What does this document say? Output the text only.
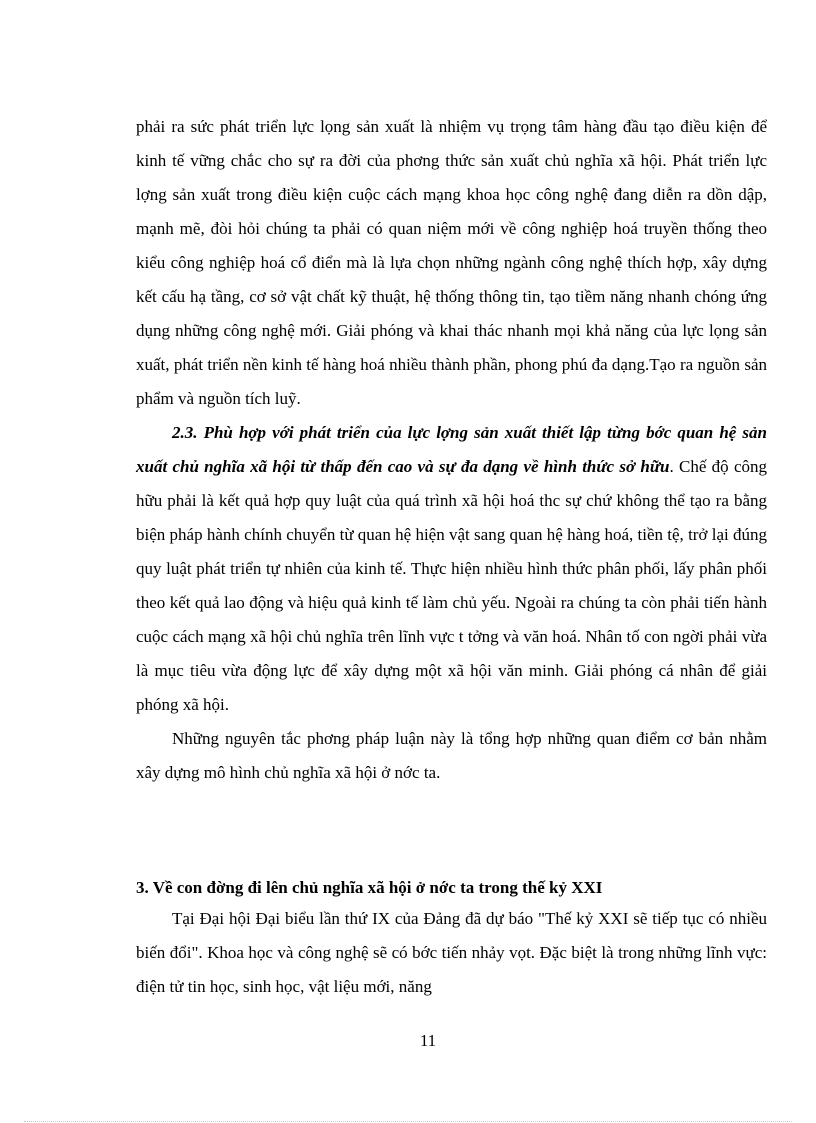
phải ra sức phát triển lực lọng sản xuất là nhiệm vụ trọng tâm hàng đầu tạo điều kiện để kinh tế vững chắc cho sự ra đời của phơng thức sản xuất chủ nghĩa xã hội. Phát triển lực lợng sản xuất trong điều kiện cuộc cách mạng khoa học công nghệ đang diễn ra dồn dập, mạnh mẽ, đòi hỏi chúng ta phải có quan niệm mới về công nghiệp hoá truyền thống theo kiểu công nghiệp hoá cổ điển mà là lựa chọn những ngành công nghệ thích hợp, xây dựng kết cấu hạ tầng, cơ sở vật chất kỹ thuật, hệ thống thông tin, tạo tiềm năng nhanh chóng ứng dụng những công nghệ mới. Giải phóng và khai thác nhanh mọi khả năng của lực lọng sản xuất, phát triển nền kinh tế hàng hoá nhiều thành phần, phong phú đa dạng.Tạo ra nguồn sản phẩm và nguồn tích luỹ.

2.3. Phù hợp với phát triển của lực lợng sản xuất thiết lập từng bớc quan hệ sản xuất chủ nghĩa xã hội từ thấp đến cao và sự đa dạng về hình thức sở hữu. Chế độ công hữu phải là kết quả hợp quy luật của quá trình xã hội hoá thc sự chứ không thể tạo ra bằng biện pháp hành chính chuyển từ quan hệ hiện vật sang quan hệ hàng hoá, tiền tệ, trở lại đúng quy luật phát triển tự nhiên của kinh tế. Thực hiện nhiều hình thức phân phối, lấy phân phối theo kết quả lao động và hiệu quả kinh tế làm chủ yếu. Ngoài ra chúng ta còn phải tiến hành cuộc cách mạng xã hội chủ nghĩa trên lĩnh vực t tởng và văn hoá. Nhân tố con ngời phải vừa là mục tiêu vừa động lực để xây dựng một xã hội văn minh. Giải phóng cá nhân để giải phóng xã hội.

Những nguyên tắc phơng pháp luận này là tổng hợp những quan điểm cơ bản nhằm xây dựng mô hình chủ nghĩa xã hội ở nớc ta.

3. Về con đờng đi lên chủ nghĩa xã hội ở nớc ta trong thế kỷ XXI

Tại Đại hội Đại biểu lần thứ IX của Đảng đã dự báo "Thế kỷ XXI sẽ tiếp tục có nhiều biến đổi". Khoa học và công nghệ sẽ có bớc tiến nhảy vọt. Đặc biệt là trong những lĩnh vực: điện tử tin học, sinh học, vật liệu mới, năng

11
